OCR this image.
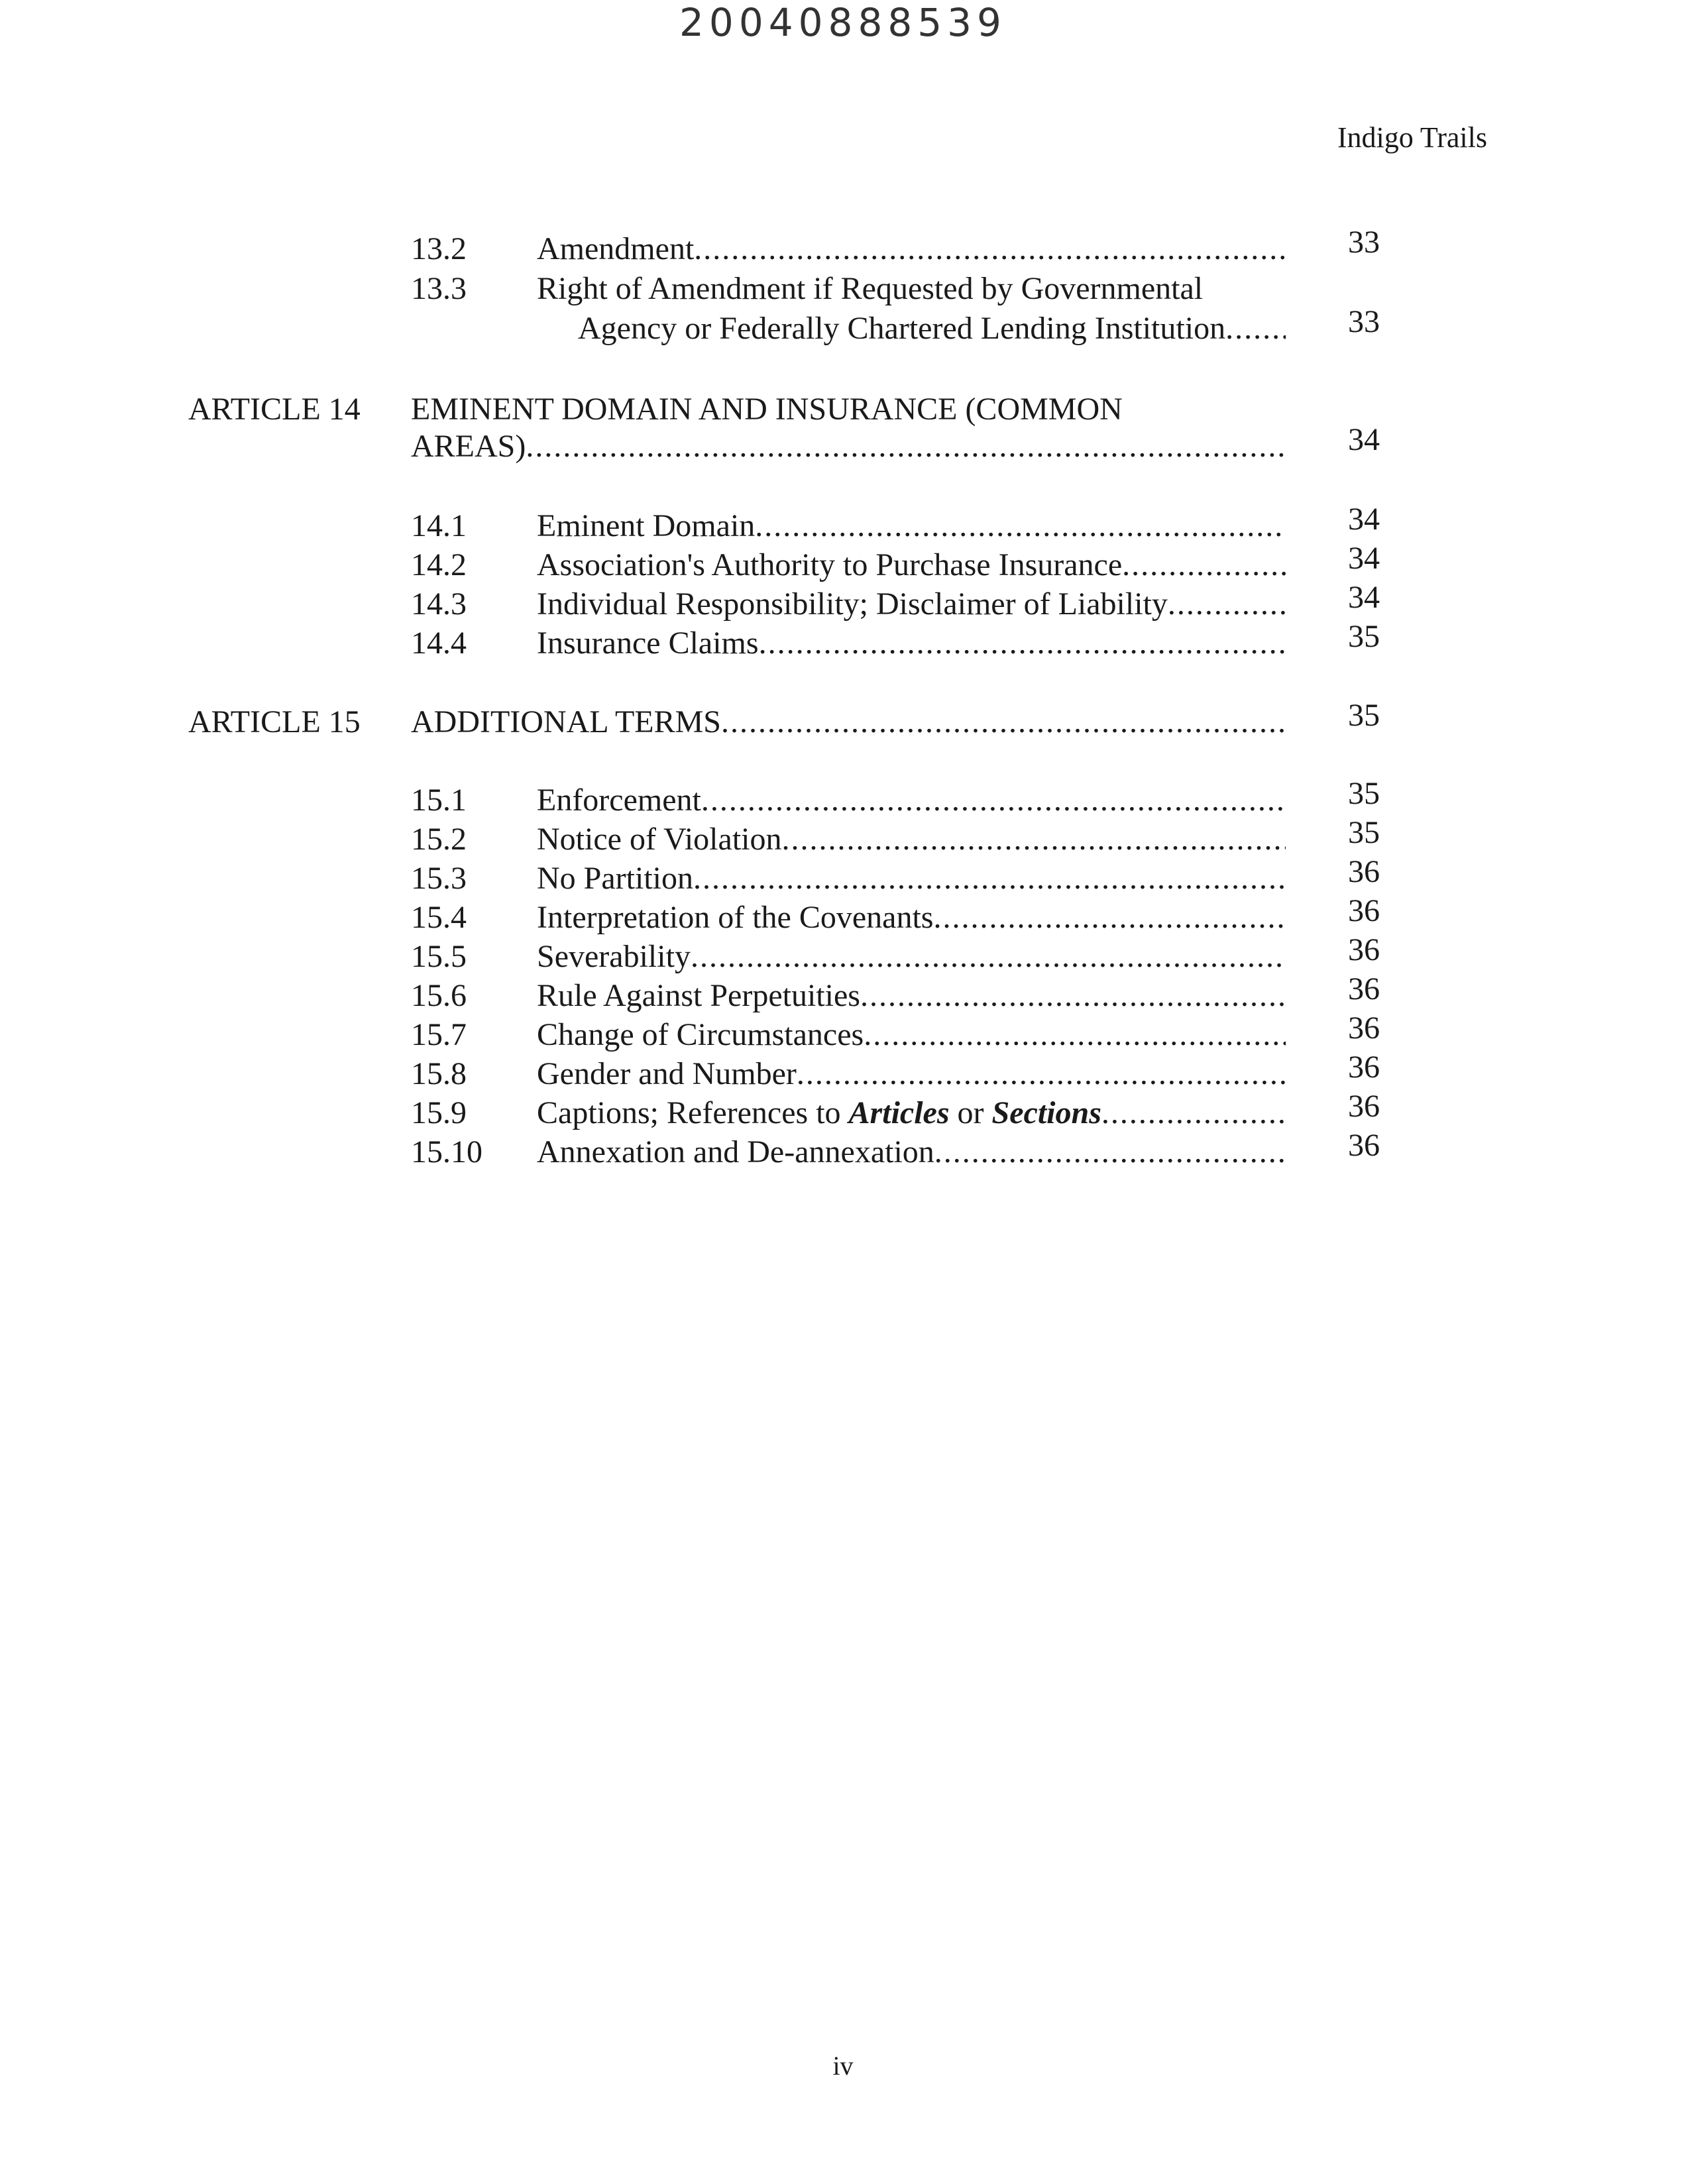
20040888539
Indigo Trails
13.2 Amendment .....	33
13.3 Right of Amendment if Requested by Governmental
Agency or Federally Chartered Lending Institution .....	33
ARTICLE 14 EMINENT DOMAIN AND INSURANCE (COMMON
AREAS) .....	34
14.1 Eminent Domain .....	34
14.2 Association's Authority to Purchase Insurance .....	34
14.3 Individual Responsibility; Disclaimer of Liability .....	34
14.4 Insurance Claims .....	35
ARTICLE 15 ADDITIONAL TERMS .....	35
15.1 Enforcement .....	35
15.2 Notice of Violation .....	35
15.3 No Partition .....	36
15.4 Interpretation of the Covenants .....	36
15.5 Severability .....	36
15.6 Rule Against Perpetuities .....	36
15.7 Change of Circumstances .....	36
15.8 Gender and Number .....	36
15.9 Captions; References to Articles or Sections .....	36
15.10 Annexation and De-annexation .....	36
iv
